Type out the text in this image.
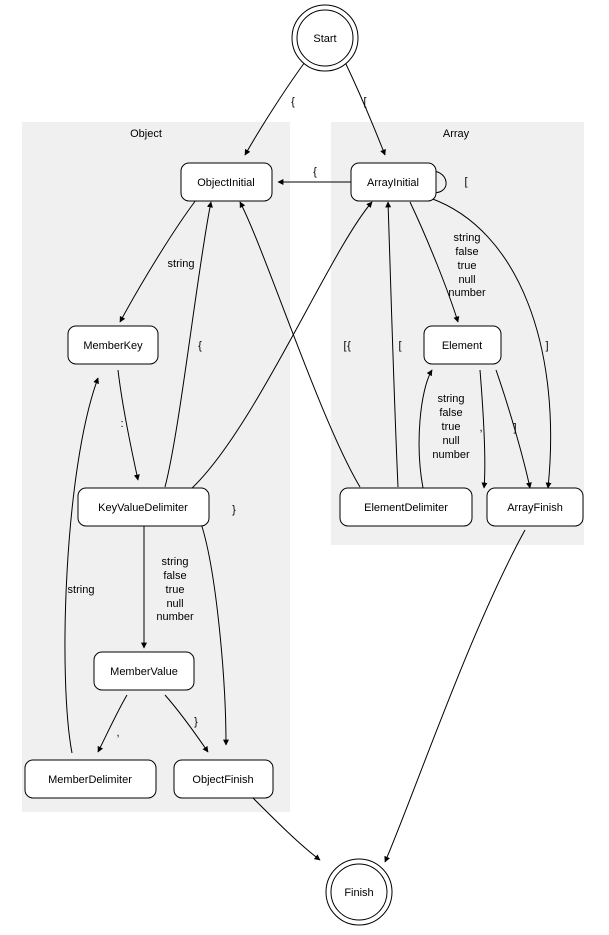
Object	Array
{	[
{
[
string
:
{	[
string
false
true
null
number
}
,
}
string
string
false
true
null
number
[
{
,
string
false
true
null
number
]
]
Start
ObjectInitial	ArrayInitial
MemberKey	Element
KeyValueDelimiter	ElementDelimiter	ArrayFinish
MemberValue
MemberDelimiter	ObjectFinish
Finish
